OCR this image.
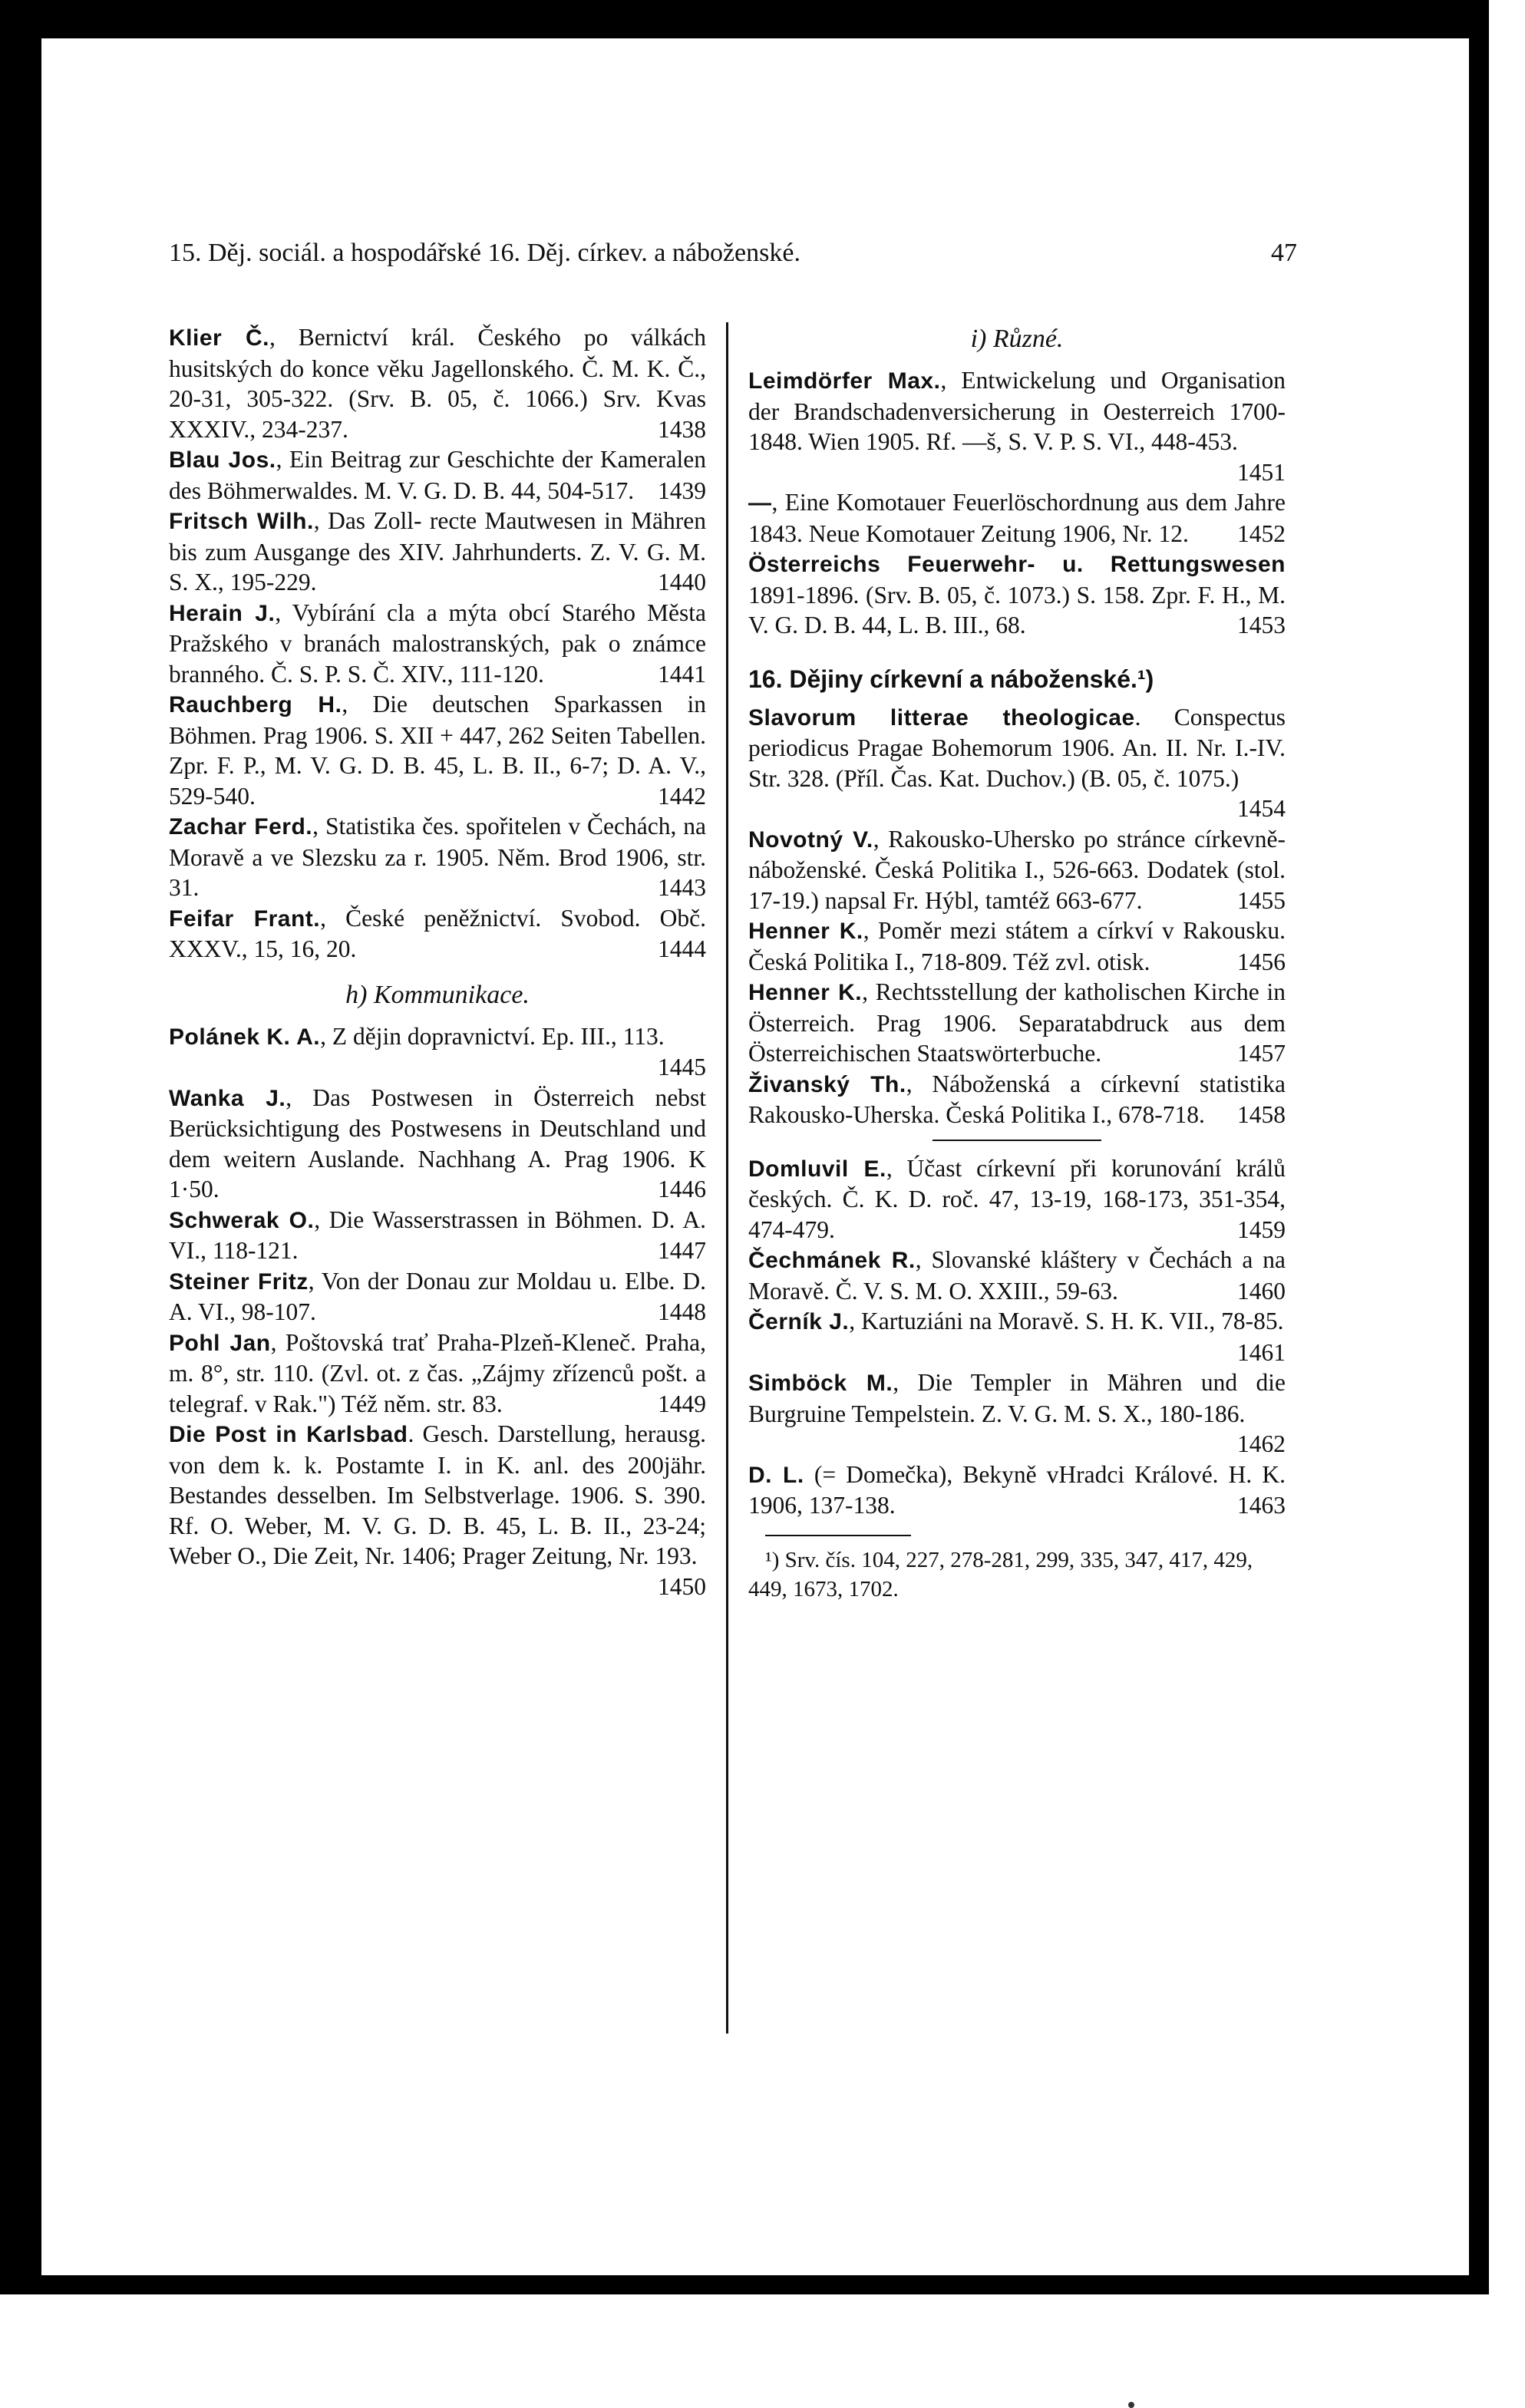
15. Děj. sociál. a hospodářské 16. Děj. církev. a náboženské.	47
Klier Č., Bernictví král. Českého po válkách husitských do konce věku Jagellonského. Č. M. K. Č., 20-31, 305-322. (Srv. B. 05, č. 1066.) Srv. Kvas XXXIV., 234-237.	1438
Blau Jos., Ein Beitrag zur Geschichte der Kameralen des Böhmerwaldes. M. V. G. D. B. 44, 504-517. 1439
Fritsch Wilh., Das Zoll- recte Mautwesen in Mähren bis zum Ausgange des XIV. Jahrhunderts. Z. V. G. M. S. X., 195-229.	1440
Herain J., Vybírání cla a mýta obcí Starého Města Pražského v branách malostranských, pak o známce branného. Č. S. P. S. Č. XIV., 111-120.	1441
Rauchberg H., Die deutschen Sparkassen in Böhmen. Prag 1906. S. XII + 447, 262 Seiten Tabellen. Zpr. F. P., M. V. G. D. B. 45, L. B. II., 6-7; D. A. V., 529-540.	1442
Zachar Ferd., Statistika čes. spořitelen v Čechách, na Moravě a ve Slezsku za r. 1905. Něm. Brod 1906, str. 31.	1443
Feifar Frant., České peněžnictví. Svobod. Obč. XXXV., 15, 16, 20.	1444
h) Kommunikace.
Polánek K. A., Z dějin dopravnictví. Ep. III., 113.
1445
Wanka J., Das Postwesen in Österreich nebst Berücksichtigung des Postwesens in Deutschland und dem weitern Auslande. Nachhang A. Prag 1906. K 1·50.	1446
Schwerak O., Die Wasserstrassen in Böhmen. D. A. VI., 118-121.	1447
Steiner Fritz, Von der Donau zur Moldau u. Elbe. D. A. VI., 98-107.	1448
Pohl Jan, Poštovská trať Praha-Plzeň-Kleneč. Praha, m. 8°, str. 110. (Zvl. ot. z čas. „Zájmy zřízenců pošt. a telegraf. v Rak.") Též něm. str. 83.	1449
Die Post in Karlsbad. Gesch. Darstellung, herausg. von dem k. k. Postamte I. in K. anl. des 200jähr. Bestandes desselben. Im Selbstverlage. 1906. S. 390. Rf. O. Weber, M. V. G. D. B. 45, L. B. II., 23-24; Weber O., Die Zeit, Nr. 1406; Prager Zeitung, Nr. 193.
1450
i) Různé.
Leimdörfer Max., Entwickelung und Organisation der Brandschadenversicherung in Oesterreich 1700-1848. Wien 1905. Rf. —š, S. V. P. S. VI., 448-453.
1451
—, Eine Komotauer Feuerlöschordnung aus dem Jahre 1843. Neue Komotauer Zeitung 1906, Nr. 12. 1452
Österreichs Feuerwehr- u. Rettungswesen 1891-1896. (Srv. B. 05, č. 1073.) S. 158. Zpr. F. H., M. V. G. D. B. 44, L. B. III., 68.	1453
16. Dějiny církevní a náboženské.¹)
Slavorum litterae theologicae. Conspectus periodicus Pragae Bohemorum 1906. An. II. Nr. I.-IV. Str. 328. (Příl. Čas. Kat. Duchov.) (B. 05, č. 1075.)
1454
Novotný V., Rakousko-Uhersko po stránce církevně-náboženské. Česká Politika I., 526-663. Dodatek (stol. 17-19.) napsal Fr. Hýbl, tamtéž 663-677.	1455
Henner K., Poměr mezi státem a církví v Rakousku. Česká Politika I., 718-809. Též zvl. otisk.	1456
Henner K., Rechtsstellung der katholischen Kirche in Österreich. Prag 1906. Separatabdruck aus dem Österreichischen Staatswörterbuche.	1457
Živanský Th., Náboženská a církevní statistika Rakousko-Uherska. Česká Politika I., 678-718. 1458
Domluvil E., Účast církevní při korunování králů českých. Č. K. D. roč. 47, 13-19, 168-173, 351-354, 474-479.	1459
Čechmánek R., Slovanské kláštery v Čechách a na Moravě. Č. V. S. M. O. XXIII., 59-63.	1460
Černík J., Kartuziáni na Moravě. S. H. K. VII., 78-85.
1461
Simböck M., Die Templer in Mähren und die Burgruine Tempelstein. Z. V. G. M. S. X., 180-186.
1462
D. L. (= Domečka), Bekyně vHradci Králové. H. K. 1906, 137-138.	1463
¹) Srv. čís. 104, 227, 278-281, 299, 335, 347, 417, 429, 449, 1673, 1702.
